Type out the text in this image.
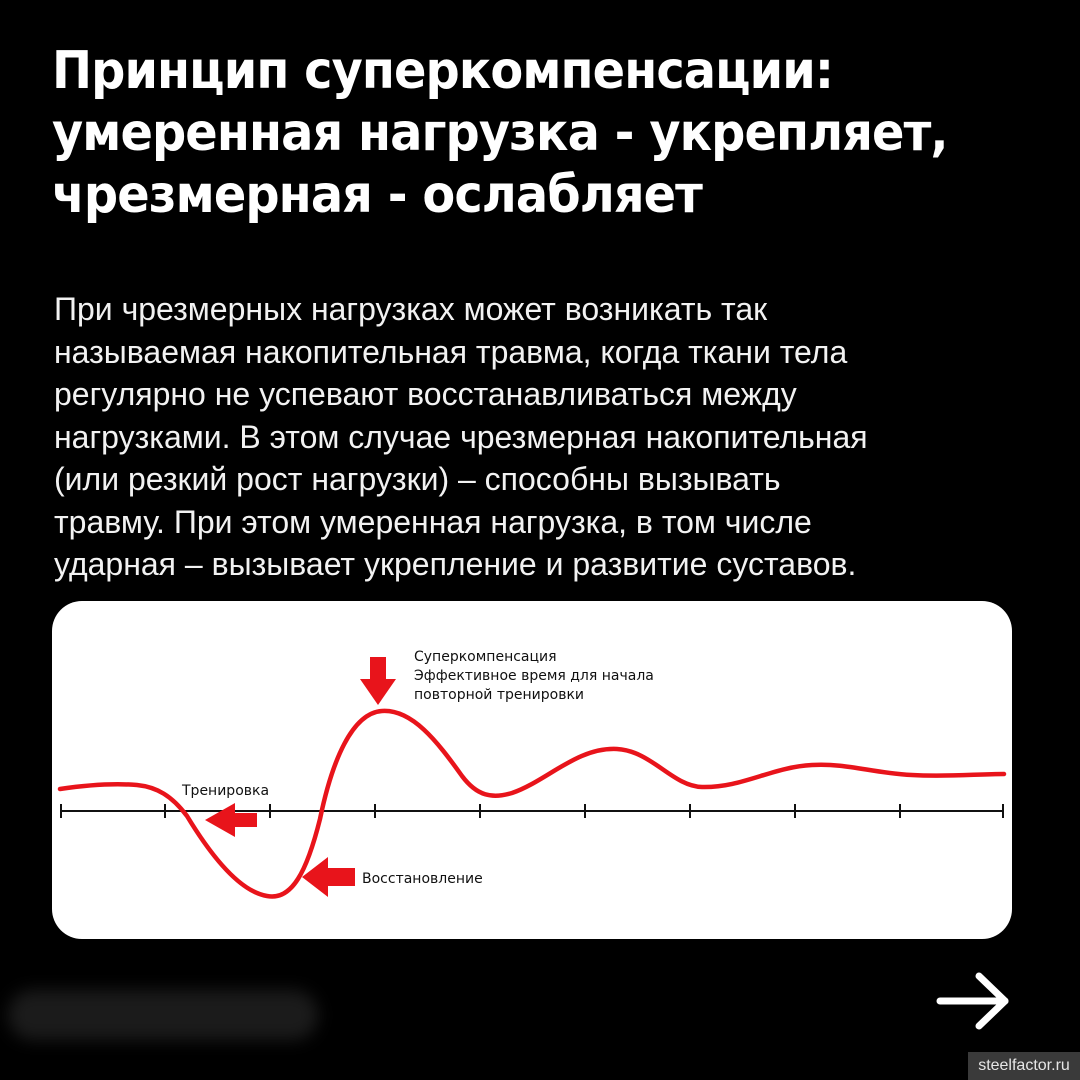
Принцип суперкомпенсации:
умеренная нагрузка - укрепляет,
чрезмерная - ослабляет
При чрезмерных нагрузках может возникать так
называемая накопительная травма, когда ткани тела
регулярно не успевают восстанавливаться между
нагрузками. В этом случае чрезмерная накопительная
(или резкий рост нагрузки) – способны вызывать
травму. При этом умеренная нагрузка, в том числе
ударная – вызывает укрепление и развитие суставов.
Суперкомпенсация
Эффективное время для начала
повторной тренировки
Тренировка
Восстановление
steelfactor.ru
